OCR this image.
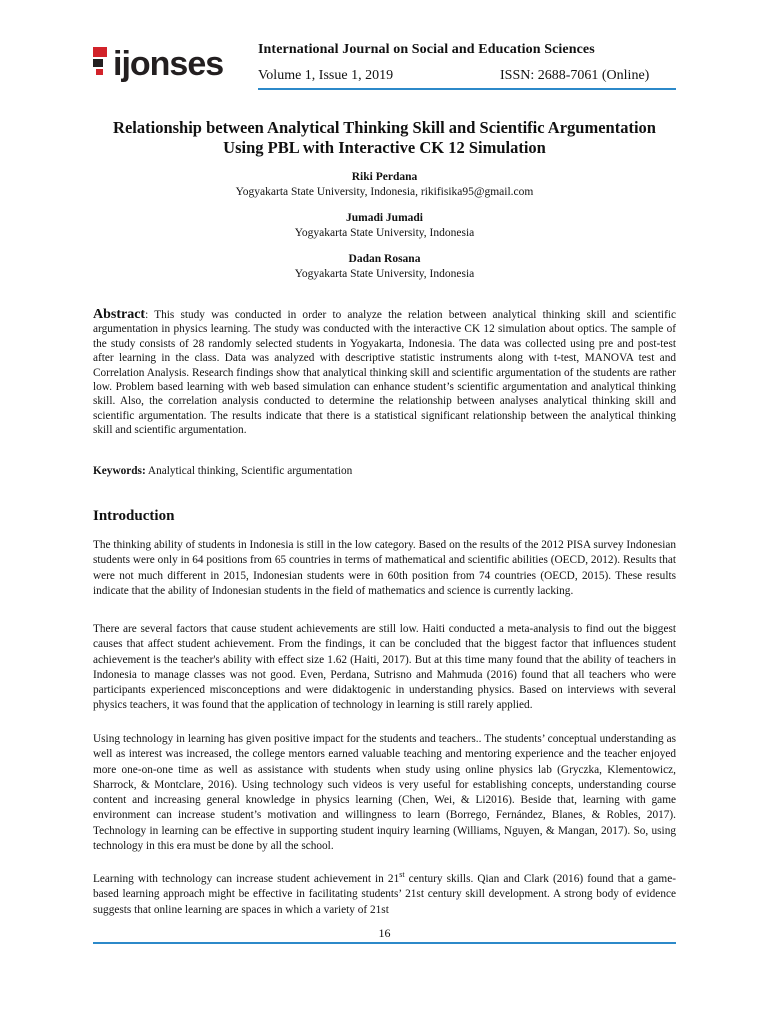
ijonses International Journal on Social and Education Sciences
Volume 1, Issue 1, 2019	ISSN: 2688-7061 (Online)
Relationship between Analytical Thinking Skill and Scientific Argumentation Using PBL with Interactive CK 12 Simulation
Riki Perdana
Yogyakarta State University, Indonesia, rikifisika95@gmail.com
Jumadi Jumadi
Yogyakarta State University, Indonesia
Dadan Rosana
Yogyakarta State University, Indonesia
Abstract: This study was conducted in order to analyze the relation between analytical thinking skill and scientific argumentation in physics learning. The study was conducted with the interactive CK 12 simulation about optics. The sample of the study consists of 28 randomly selected students in Yogyakarta, Indonesia. The data was collected using pre and post-test after learning in the class. Data was analyzed with descriptive statistic instruments along with t-test, MANOVA test and Correlation Analysis. Research findings show that analytical thinking skill and scientific argumentation of the students are rather low. Problem based learning with web based simulation can enhance student’s scientific argumentation and analytical thinking skill. Also, the correlation analysis conducted to determine the relationship between analyses analytical thinking skill and scientific argumentation. The results indicate that there is a statistical significant relationship between the analytical thinking skill and scientific argumentation.
Keywords: Analytical thinking, Scientific argumentation
Introduction

The thinking ability of students in Indonesia is still in the low category. Based on the results of the 2012 PISA survey Indonesian students were only in 64 positions from 65 countries in terms of mathematical and scientific abilities (OECD, 2012). Results that were not much different in 2015, Indonesian students were in 60th position from 74 countries (OECD, 2015). These results indicate that the ability of Indonesian students in the field of mathematics and science is currently lacking.

There are several factors that cause student achievements are still low. Haiti conducted a meta-analysis to find out the biggest causes that affect student achievement. From the findings, it can be concluded that the biggest factor that influences student achievement is the teacher's ability with effect size 1.62 (Haiti, 2017). But at this time many found that the ability of teachers in Indonesia to manage classes was not good. Even, Perdana, Sutrisno and Mahmuda (2016) found that all teachers who were participants experienced misconceptions and were didaktogenic in understanding physics. Based on interviews with several physics teachers, it was found that the application of technology in learning is still rarely applied.

Using technology in learning has given positive impact for the students and teachers.. The students’ conceptual understanding as well as interest was increased, the college mentors earned valuable teaching and mentoring experience and the teacher enjoyed more one-on-one time as well as assistance with students when study using online physics lab (Gryczka, Klementowicz, Sharrock, & Montclare, 2016). Using technology such videos is very useful for establishing concepts, understanding course content and increasing general knowledge in physics learning (Chen, Wei, & Li2016). Beside that, learning with game environment can increase student’s motivation and willingness to learn (Borrego, Fernández, Blanes, & Robles, 2017). Technology in learning can be effective in supporting student inquiry learning (Williams, Nguyen, & Mangan, 2017). So, using technology in this era must be done by all the school.

Learning with technology can increase student achievement in 21st century skills. Qian and Clark (2016) found that a game-based learning approach might be effective in facilitating students’ 21st century skill development. A strong body of evidence suggests that online learning are spaces in which a variety of 21st

16
